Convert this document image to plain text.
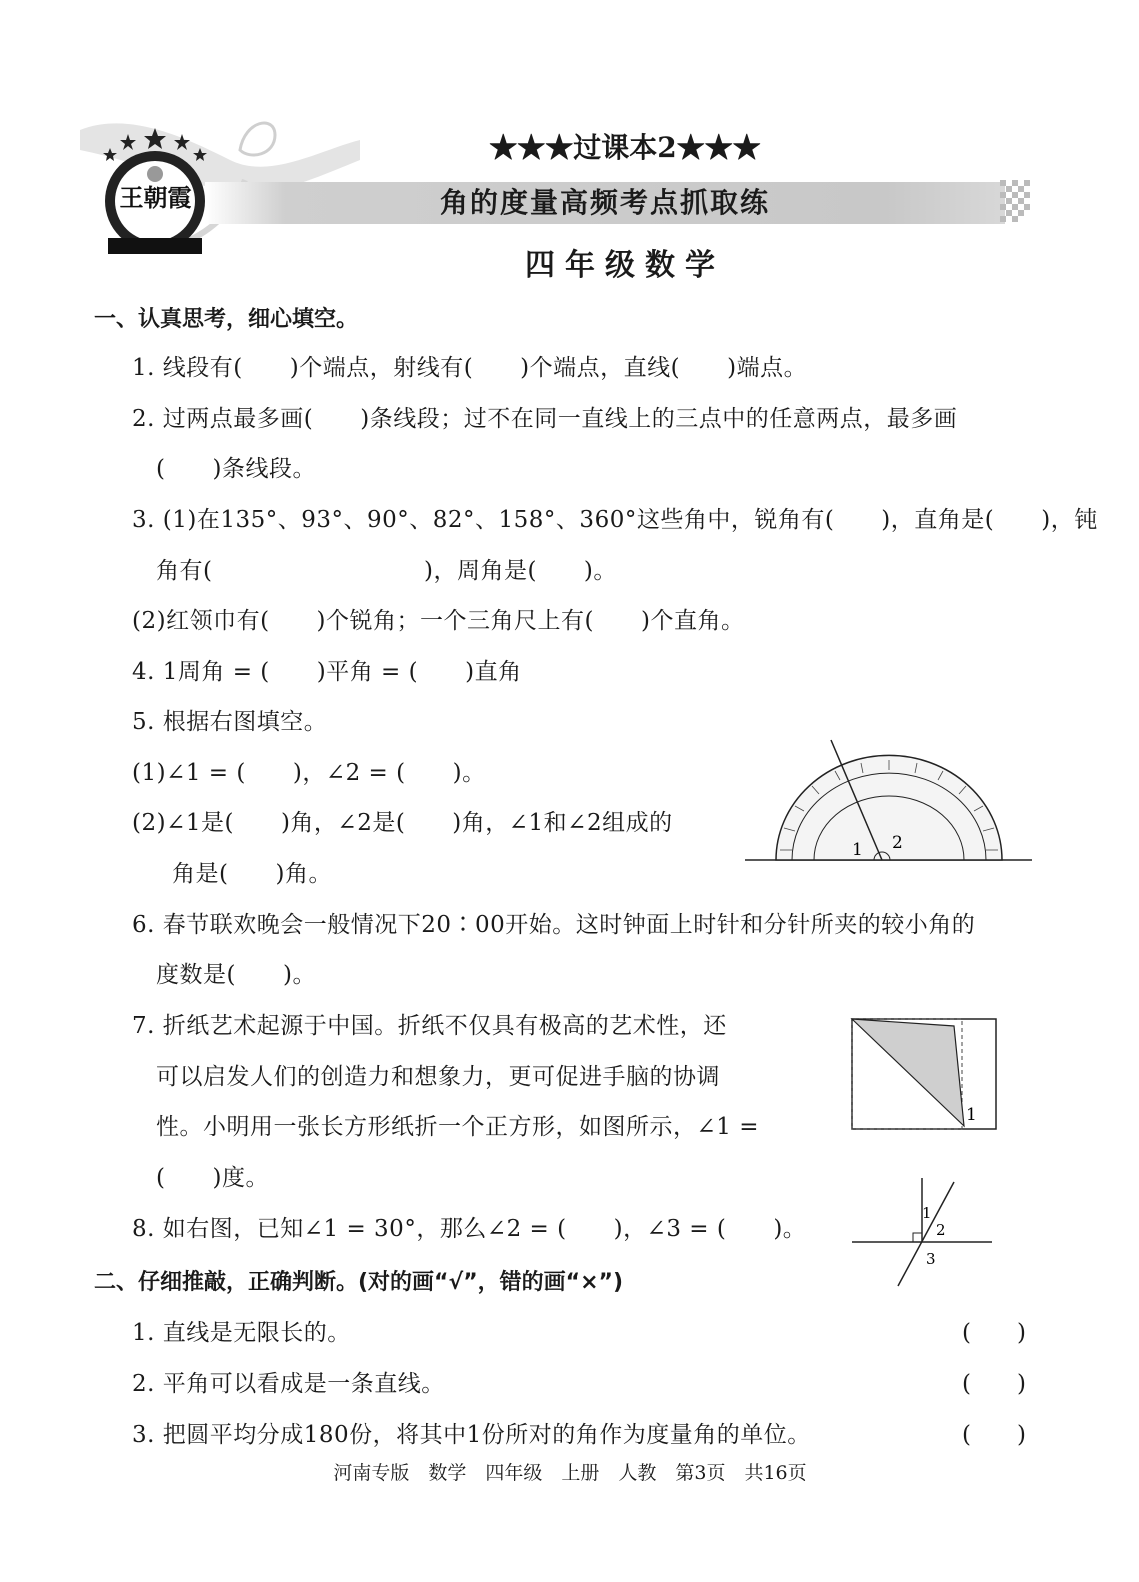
王朝霞
★★★过课本2★★★
角的度量高频考点抓取练
四年级数学
一、认真思考，细心填空。
1. 线段有(　　)个端点，射线有(　　)个端点，直线(　　)端点。
2. 过两点最多画(　　)条线段；过不在同一直线上的三点中的任意两点，最多画
(　　)条线段。
3. (1)在135°、93°、90°、82°、158°、360°这些角中，锐角有(　　)，直角是(　　)，钝
角有(　　　　　　　　　)，周角是(　　)。
(2)红领巾有(　　)个锐角；一个三角尺上有(　　)个直角。
4. 1周角 = (　　)平角 = (　　)直角
5. 根据右图填空。
(1)∠1 = (　　)，∠2 = (　　)。
(2)∠1是(　　)角，∠2是(　　)角，∠1和∠2组成的
角是(　　)角。
6. 春节联欢晚会一般情况下20∶00开始。这时钟面上时针和分针所夹的较小角的
度数是(　　)。
7. 折纸艺术起源于中国。折纸不仅具有极高的艺术性，还
可以启发人们的创造力和想象力，更可促进手脑的协调
性。小明用一张长方形纸折一个正方形，如图所示，∠1 =
(　　)度。
8. 如右图，已知∠1 = 30°，那么∠2 = (　　)，∠3 = (　　)。
1 2
1
1
2
3
二、仔细推敲，正确判断。(对的画“√”，错的画“×”)
1. 直线是无限长的。	(　　)
2. 平角可以看成是一条直线。	(　　)
3. 把圆平均分成180份，将其中1份所对的角作为度量角的单位。	(　　)
河南专版　数学　四年级　上册　人教　第3页　共16页
